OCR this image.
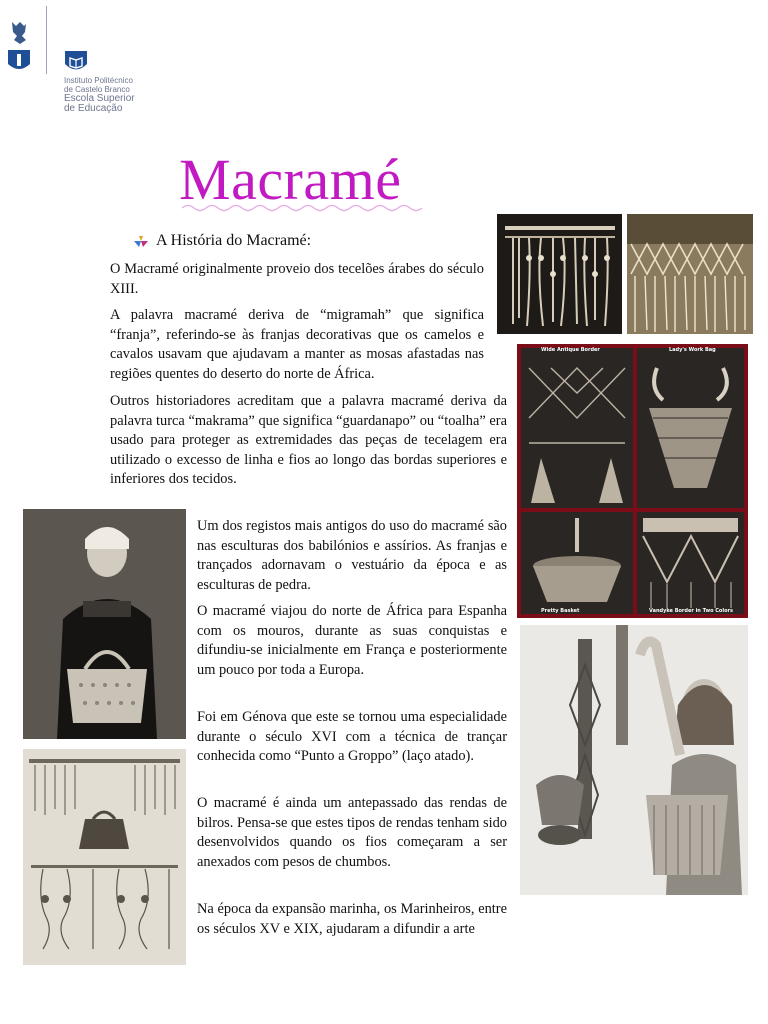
Instituto Politécnico
de Castelo Branco
Escola Superior
de Educação
Macramé
A História do Macramé:

O Macramé originalmente proveio dos tecelões árabes do século XIII.

A palavra macramé deriva de “migramah” que significa “franja”, referindo-se às franjas decorativas que os camelos e cavalos usavam que ajudavam a manter as mosas afastadas nas regiões quentes do deserto do norte de África.

Outros historiadores acreditam que a palavra macramé deriva da palavra turca “makrama” que significa “guardanapo” ou “toalha” era usado para proteger as extremidades das peças de tecelagem era utilizado o excesso de linha e fios ao longo das bordas superiores e inferiores dos tecidos.

Um dos registos mais antigos do uso do macramé são nas esculturas dos babilónios e assírios. As franjas e trançados adornavam o vestuário da época e as esculturas de pedra.

O macramé viajou do norte de África para Espanha com os mouros, durante as suas conquistas e difundiu-se inicialmente em França e posteriormente um pouco por toda a Europa.

Foi em Génova que este se tornou uma especialidade durante o século XVI com a técnica de trançar conhecida como “Punto a Groppo” (laço atado).

O macramé é ainda um antepassado das rendas de bilros. Pensa-se que estes tipos de rendas tenham sido desenvolvidos quando os fios começaram a ser anexados com pesos de chumbos.

Na época da expansão marinha, os Marinheiros, entre os séculos XV e XIX, ajudaram a difundir a arte

Wide Antique Border	Lady's Work Bag
Pretty Basket	Vandyke Border in Two Colors
